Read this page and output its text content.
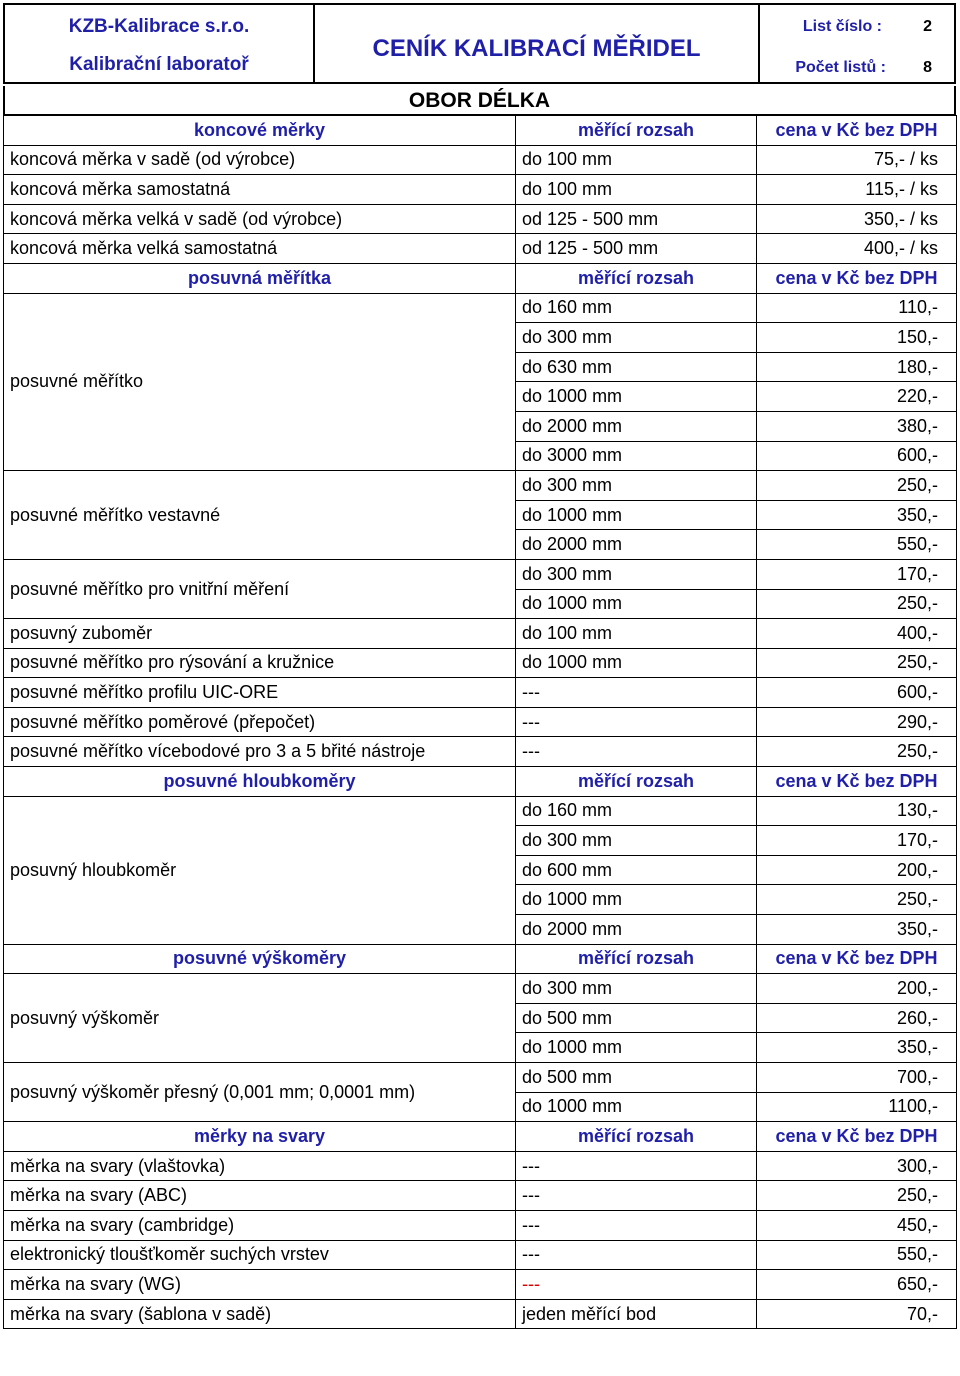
KZB-Kalibrace s.r.o.
Kalibrační laboratoř
CENÍK KALIBRACÍ MĚŘIDEL
List číslo :	2
Počet listů : 8
OBOR DÉLKA
koncové měrky	měřící rozsah	cena v Kč bez DPH
koncová měrka v sadě (od výrobce)	do 100 mm	75,- / ks
koncová měrka samostatná	do 100 mm	115,- / ks
koncová měrka velká v sadě (od výrobce)	od 125 - 500 mm	350,- / ks
koncová měrka velká samostatná	od 125 - 500 mm	400,- / ks
posuvná měřítka	měřící rozsah	cena v Kč bez DPH
posuvné měřítko	do 160 mm	110,-
	do 300 mm	150,-
	do 630 mm	180,-
	do 1000 mm	220,-
	do 2000 mm	380,-
	do 3000 mm	600,-
posuvné měřítko vestavné	do 300 mm	250,-
	do 1000 mm	350,-
	do 2000 mm	550,-
posuvné měřítko pro vnitřní měření	do 300 mm	170,-
	do 1000 mm	250,-
posuvný zuboměr	do 100 mm	400,-
posuvné měřítko pro rýsování a kružnice	do 1000 mm	250,-
posuvné měřítko profilu UIC-ORE	---	600,-
posuvné měřítko poměrové (přepočet)	---	290,-
posuvné měřítko vícebodové pro 3 a 5 břité nástroje	---	250,-
posuvné hloubkoměry	měřící rozsah	cena v Kč bez DPH
posuvný hloubkoměr	do 160 mm	130,-
	do 300 mm	170,-
	do 600 mm	200,-
	do 1000 mm	250,-
	do 2000 mm	350,-
posuvné výškoměry	měřící rozsah	cena v Kč bez DPH
posuvný výškoměr	do 300 mm	200,-
	do 500 mm	260,-
	do 1000 mm	350,-
posuvný výškoměr přesný (0,001 mm; 0,0001 mm)	do 500 mm	700,-
	do 1000 mm	1100,-
měrky na svary	měřící rozsah	cena v Kč bez DPH
měrka na svary (vlaštovka)	---	300,-
měrka na svary (ABC)	---	250,-
měrka na svary (cambridge)	---	450,-
elektronický tloušťkoměr suchých vrstev	---	550,-
měrka na svary (WG)	---	650,-
měrka na svary (šablona v sadě)	jeden měřící bod	70,-
